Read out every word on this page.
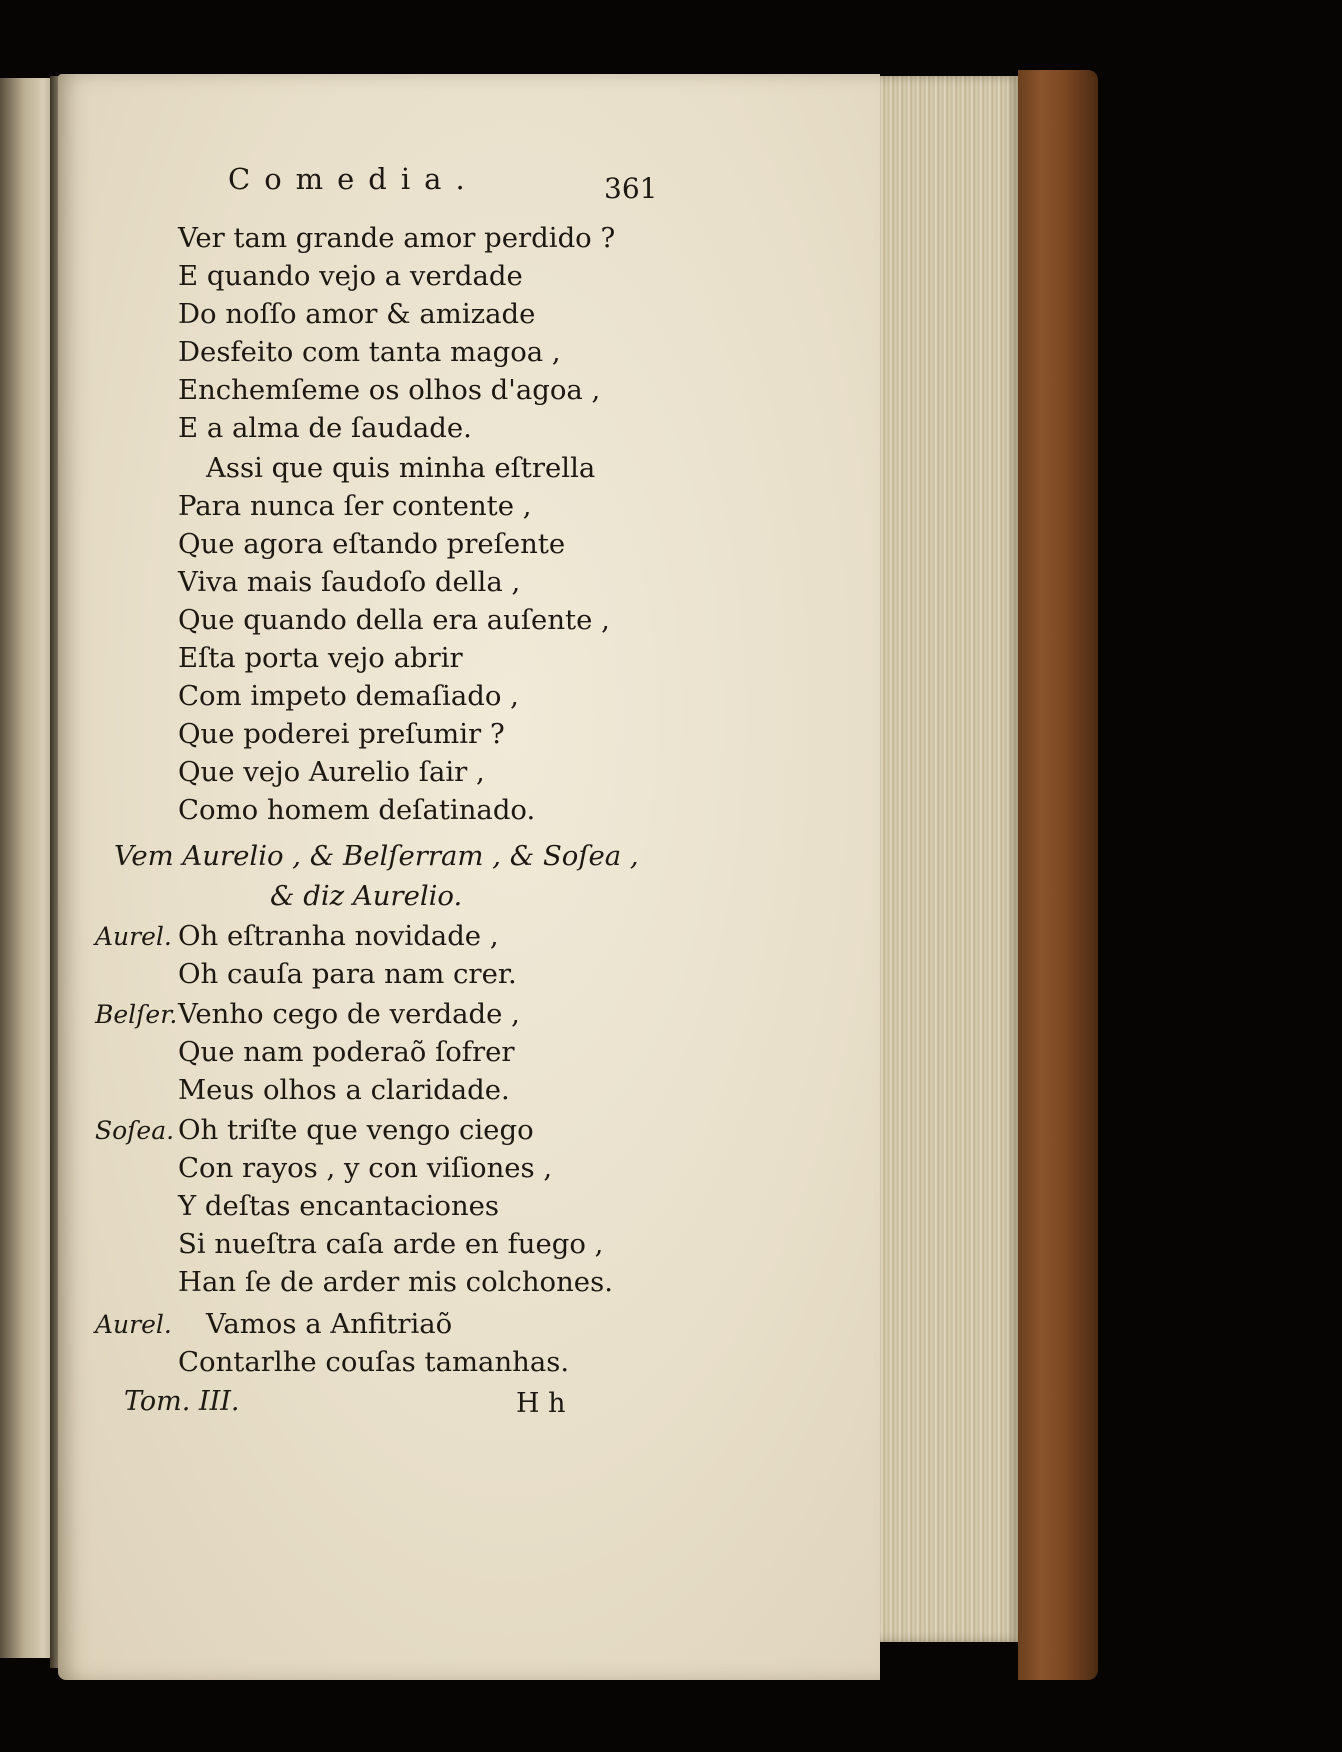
Comedia.	361
Ver tam grande amor perdido ?
E quando vejo a verdade
Do noſſo amor & amizade
Desfeito com tanta magoa ,
Enchemſeme os olhos d'agoa ,
E a alma de ſaudade.
Assi que quis minha eſtrella
Para nunca ſer contente ,
Que agora eſtando preſente
Viva mais ſaudoſo della ,
Que quando della era auſente ,
Eſta porta vejo abrir
Com impeto demaſiado ,
Que poderei preſumir ?
Que vejo Aurelio ſair ,
Como homem deſatinado.
Vem Aurelio , & Belſerram , & Soſea ,
& diz Aurelio.
Aurel. Oh eſtranha novidade ,
Oh cauſa para nam crer.
Belſer. Venho cego de verdade ,
Que nam poderaõ ſofrer
Meus olhos a claridade.
Soſea. Oh triſte que vengo ciego
Con rayos , y con viſiones ,
Y deſtas encantaciones
Si nueſtra caſa arde en fuego ,
Han ſe de arder mis colchones.
Aurel. Vamos a Anfitriaõ
Contarlhe couſas tamanhas.
Tom. III.	H h
